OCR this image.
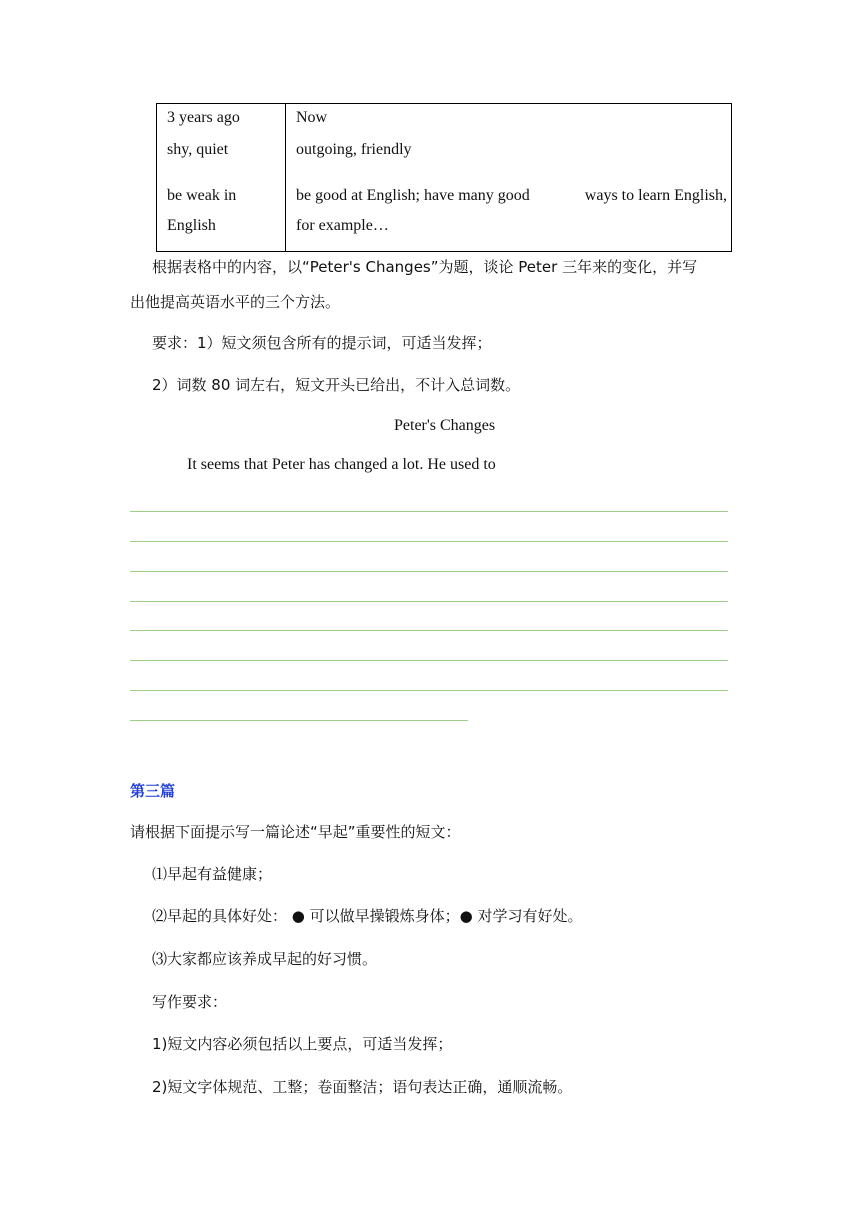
3 years ago	Now
shy, quiet	outgoing, friendly

be weak in English	be good at English; have many good ways to learn English,
for example…
根据表格中的内容，以“Peter's Changes”为题，谈论 Peter 三年来的变化，并写
出他提高英语水平的三个方法。
要求：1）短文须包含所有的提示词，可适当发挥；
2）词数 80 词左右，短文开头已给出，不计入总词数。
Peter's Changes
It seems that Peter has changed a lot. He used to
第三篇
请根据下面提示写一篇论述“早起”重要性的短文：
⑴早起有益健康；
⑵早起的具体好处： ● 可以做早操锻炼身体；● 对学习有好处。
⑶大家都应该养成早起的好习惯。
写作要求：
1)短文内容必须包括以上要点，可适当发挥；
2)短文字体规范、工整；卷面整洁；语句表达正确，通顺流畅。
